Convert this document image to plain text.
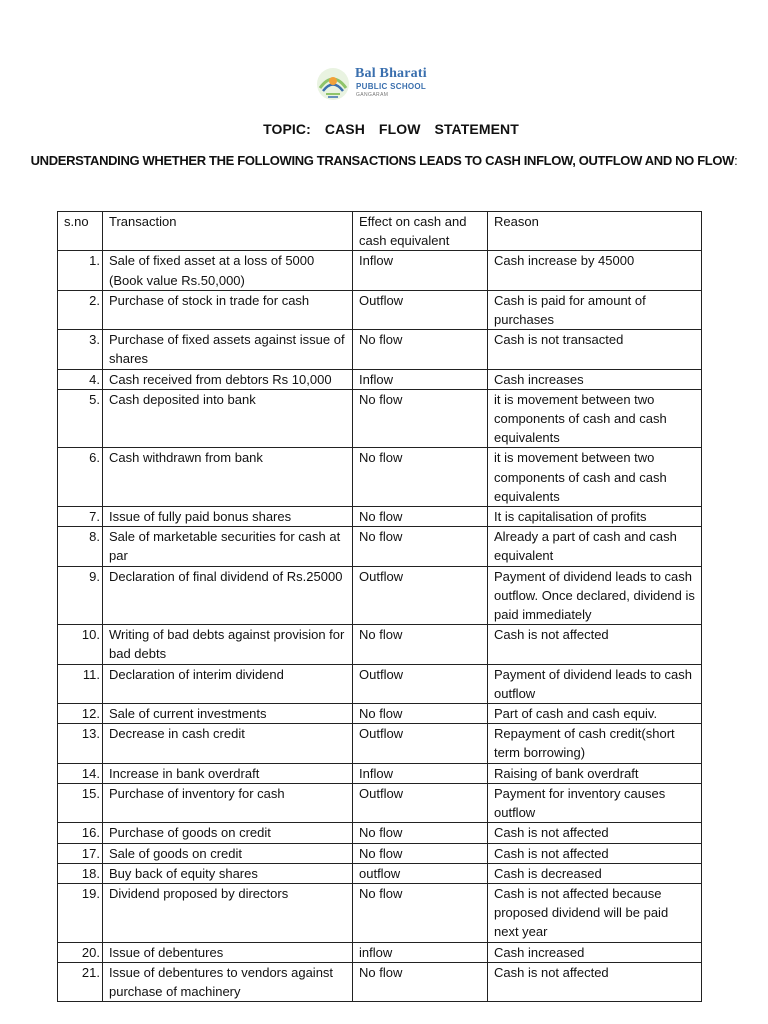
Bal Bharati
PUBLIC SCHOOL
GANGARAM
TOPIC:  CASH  FLOW  STATEMENT
UNDERSTANDING WHETHER THE FOLLOWING TRANSACTIONS LEADS TO CASH INFLOW, OUTFLOW AND NO FLOW:
s.no	Transaction	Effect on cash and cash equivalent	Reason
1.	Sale of fixed asset at a loss of 5000 (Book value Rs.50,000)	Inflow	Cash increase by 45000
2.	Purchase of stock in trade for cash	Outflow	Cash is paid for amount of purchases
3.	Purchase of fixed assets against issue of shares	No flow	Cash is not transacted
4.	Cash received from debtors Rs 10,000	Inflow	Cash increases
5.	Cash deposited into bank	No flow	it is movement between two components of cash and cash equivalents
6.	Cash withdrawn from bank	No flow	it is movement between two components of cash and cash equivalents
7.	Issue of fully paid bonus shares	No flow	It is capitalisation of profits
8.	Sale of marketable securities for cash at par	No flow	Already a part of cash and cash equivalent
9.	Declaration of final dividend of Rs.25000	Outflow	Payment of dividend leads to cash outflow. Once declared, dividend is paid immediately
10.	Writing of bad debts against provision for bad debts	No flow	Cash is not affected
11.	Declaration of interim dividend	Outflow	Payment of dividend leads to cash outflow
12.	Sale of current investments	No flow	Part of cash and cash equiv.
13.	Decrease in cash credit	Outflow	Repayment of cash credit(short term borrowing)
14.	Increase in bank overdraft	Inflow	Raising of bank overdraft
15.	Purchase of inventory for cash	Outflow	Payment for inventory causes outflow
16.	Purchase of goods on credit	No flow	Cash is not affected
17.	Sale of goods on credit	No flow	Cash is not affected
18.	Buy back of equity shares	outflow	Cash is decreased
19.	Dividend proposed by directors	No flow	Cash is not affected because proposed dividend will be paid next year
20.	Issue of debentures	inflow	Cash increased
21.	Issue of debentures to vendors against purchase of machinery	No flow	Cash is not affected
